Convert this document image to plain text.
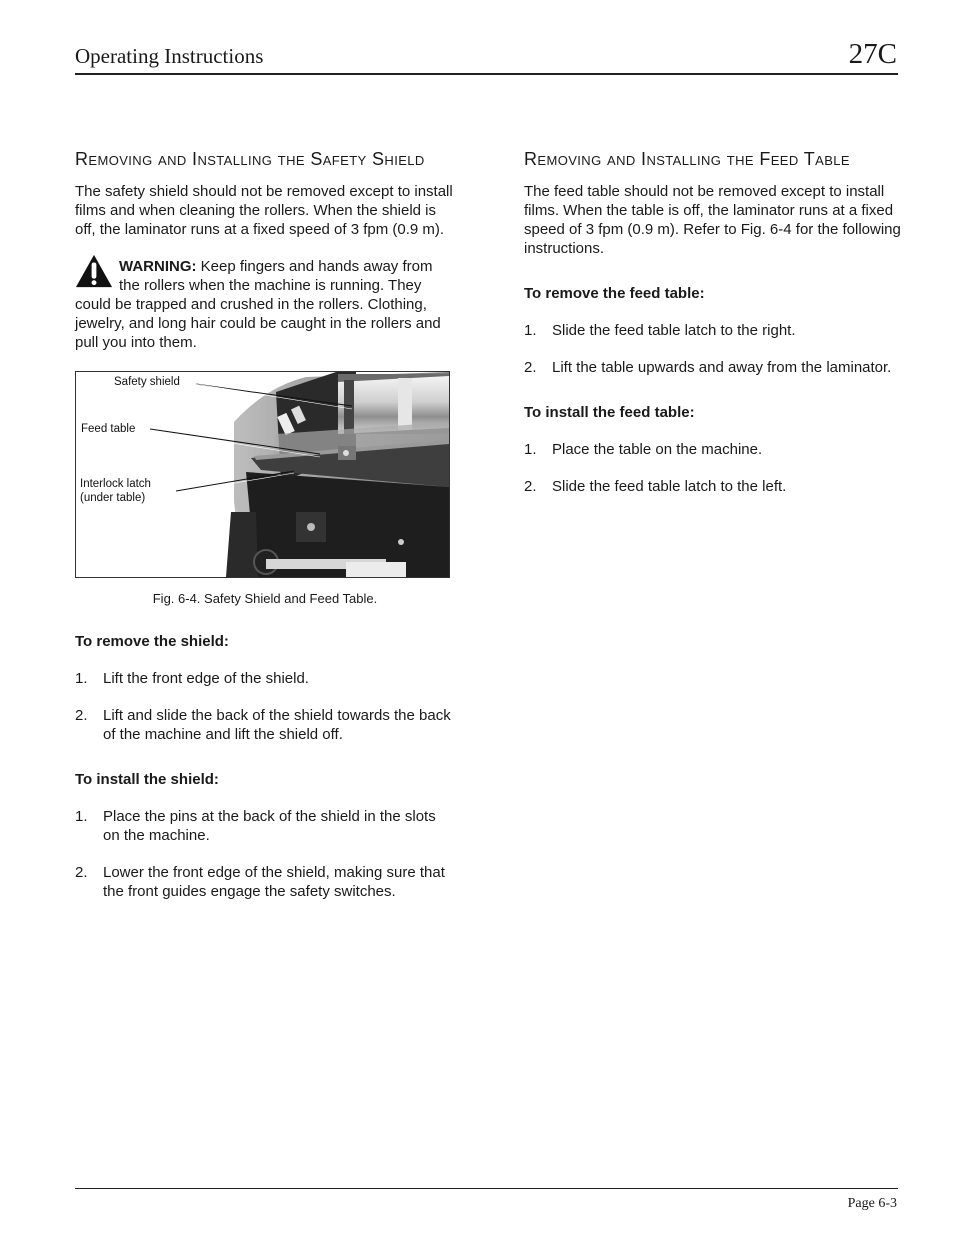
Operating Instructions	27C
Removing and Installing the Safety Shield

The safety shield should not be removed except to install films and when cleaning the rollers. When the shield is off, the laminator runs at a fixed speed of 3 fpm (0.9 m).

WARNING: Keep fingers and hands away from the rollers when the machine is running. They could be trapped and crushed in the rollers. Clothing, jewelry, and long hair could be caught in the rollers and pull you into them.

Safety shield
Feed table
Interlock latch
(under table)
Fig. 6-4. Safety Shield and Feed Table.
To remove the shield:
1. Lift the front edge of the shield.
2. Lift and slide the back of the shield towards the back of the machine and lift the shield off.
To install the shield:
1. Place the pins at the back of the shield in the slots on the machine.
2. Lower the front edge of the shield, making sure that the front guides engage the safety switches.
Removing and Installing the Feed Table

The feed table should not be removed except to install films. When the table is off, the laminator runs at a fixed speed of 3 fpm (0.9 m). Refer to Fig. 6-4 for the following instructions.

To remove the feed table:
1. Slide the feed table latch to the right.
2. Lift the table upwards and away from the laminator.
To install the feed table:
1. Place the table on the machine.
2. Slide the feed table latch to the left.
Page 6-3
